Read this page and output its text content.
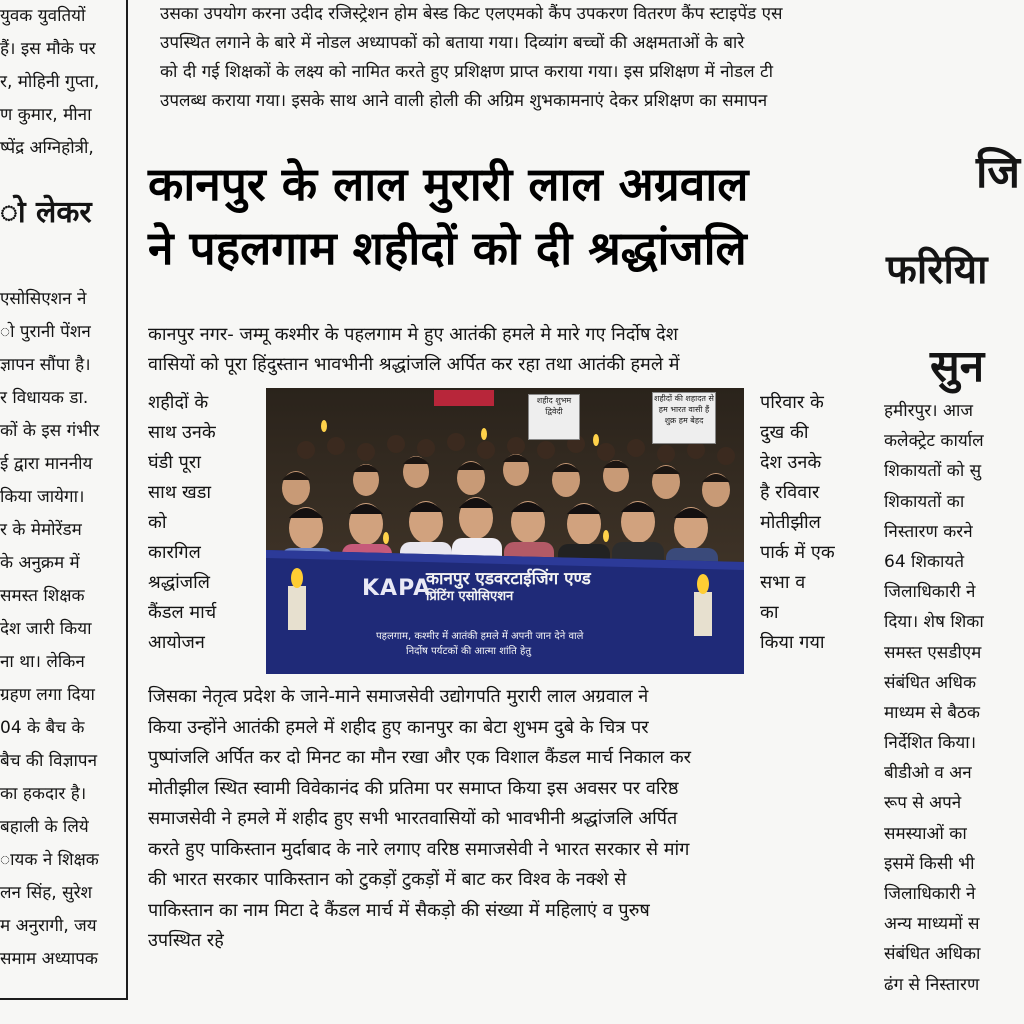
उसका उपयोग करना उदीद रजिस्ट्रेशन होम बेस्ड किट एलएमको कैंप उपकरण वितरण कैंप स्टाइपेंड एस
उपस्थित लगाने के बारे में नोडल अध्यापकों को बताया गया। दिव्यांग बच्चों की अक्षमताओं के बारे
को दी गई शिक्षकों के लक्ष्य को नामित करते हुए प्रशिक्षण प्राप्त कराया गया। इस प्रशिक्षण में नोडल टी
उपलब्ध कराया गया। इसके साथ आने वाली होली की अग्रिम शुभकामनाएं देकर प्रशिक्षण का समापन
युवक युवतियों
हैं। इस मौके पर
र, मोहिनी गुप्ता,
ण कुमार, मीना
ष्पेंद्र अग्निहोत्री,
ो लेकर
एसोसिएशन ने
ो पुरानी पेंशन
ज्ञापन सौंपा है।
र विधायक डा.
कों के इस गंभीर
ई द्वारा माननीय
किया जायेगा।
र के मेमोरेंडम
के अनुक्रम में
समस्त शिक्षक
देश जारी किया
ना था। लेकिन
ग्रहण लगा दिया
04 के बैच के
बैच की विज्ञापन
का हकदार है।
बहाली के लिये
ायक ने शिक्षक
लन सिंह, सुरेश
म अनुरागी, जय
समाम अध्यापक
कानपुर के लाल मुरारी लाल अग्रवाल
ने पहलगाम शहीदों को दी श्रद्धांजलि
कानपुर नगर- जम्मू कश्मीर के पहलगाम मे हुए आतंकी हमले मे मारे गए निर्दोष देश
वासियों को पूरा हिंदुस्तान भावभीनी श्रद्धांजलि अर्पित कर रहा तथा आतंकी हमले में
शहीदों के
साथ उनके
घंडी पूरा
साथ खडा
को
कारगिल
श्रद्धांजलि
कैंडल मार्च
आयोजन
परिवार के
दुख की
देश उनके
है रविवार
मोतीझील
पार्क में एक
सभा व
का
किया गया
शहीद शुभम द्विवेदी
शहीदों की शहादत से हम भारत वासी हैं शुक्र हम बेहद
KAPA
कानपुर एडवरटाईजिंग एण्ड
प्रिंटिंग एसोसिएशन
पहलगाम, कश्मीर में आतंकी हमले में अपनी जान देने वाले
निर्दोष पर्यटकों की आत्मा शांति हेतु
जिसका नेतृत्व प्रदेश के जाने-माने समाजसेवी उद्योगपति मुरारी लाल अग्रवाल ने
किया उन्होंने आतंकी हमले में शहीद हुए कानपुर का बेटा शुभम दुबे के चित्र पर
पुष्पांजलि अर्पित कर दो मिनट का मौन रखा और एक विशाल कैंडल मार्च निकाल कर
मोतीझील स्थित स्वामी विवेकानंद की प्रतिमा पर समाप्त किया इस अवसर पर वरिष्ठ
समाजसेवी ने हमले में शहीद हुए सभी भारतवासियों को भावभीनी श्रद्धांजलि अर्पित
करते हुए पाकिस्तान मुर्दाबाद के नारे लगाए वरिष्ठ समाजसेवी ने भारत सरकार से मांग
की भारत सरकार पाकिस्तान को टुकड़ों टुकड़ों में बाट कर विश्व के नक्शे से
पाकिस्तान का नाम मिटा दे कैंडल मार्च में सैकड़ो की संख्या में महिलाएं व पुरुष
उपस्थित रहे
जि
फरियाि
सुन
हमीरपुर। आज
कलेक्ट्रेट कार्याल
शिकायतों को सु
शिकायतों का
निस्तारण करने
64 शिकायते
जिलाधिकारी ने
दिया। शेष शिका
समस्त एसडीएम
संबंधित अधिक
माध्यम से बैठक
निर्देशित किया।
बीडीओ व अन
रूप से अपने
समस्याओं का
इसमें किसी भी
जिलाधिकारी ने
अन्य माध्यमों स
संबंधित अधिका
ढंग से निस्तारण
